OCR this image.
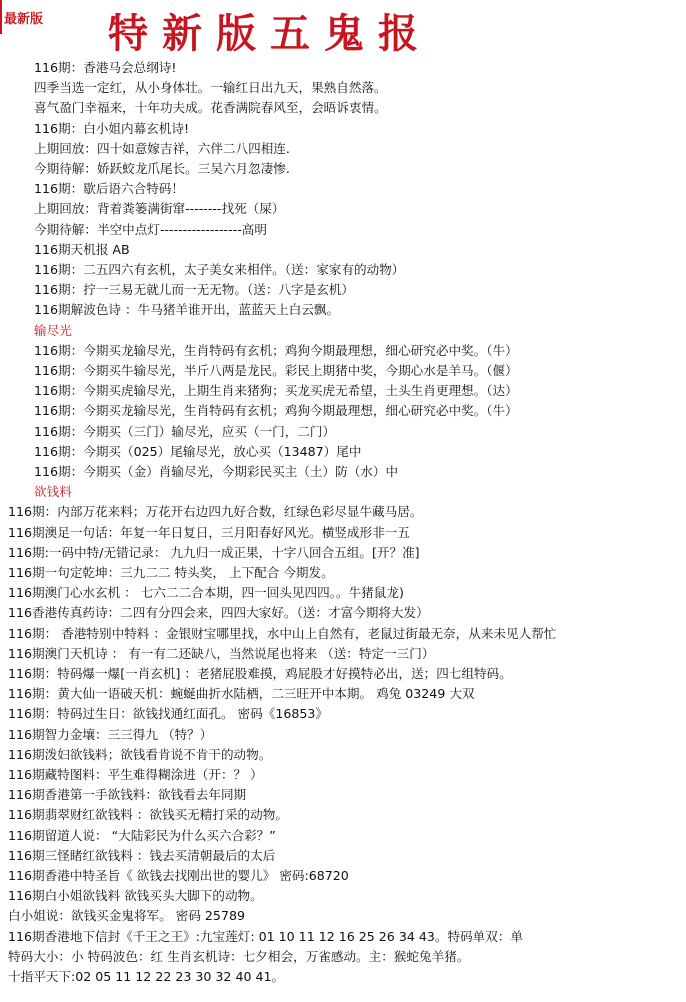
最新版 特新版五鬼报
116期：香港马会总纲诗!
四季当选一定红，从小身体壮。一输红日出九天，果熟自然落。
喜气盈门幸福来，十年功夫成。花香满院春风至，会晤诉衷情。
116期：白小姐内幕玄机诗!
上期回放：四十如意嫁吉祥，六伴二八四相连.
今期待解：娇跃蛟龙爪尾长。三吴六月忽凄惨.
116期：歇后语六合特码！
上期回放：背着粪篓满街窜--------找死（屎）
今期待解：半空中点灯------------------高明
116期天机报 AB
116期：二五四六有玄机，太子美女来相伴。（送：家家有的动物）
116期：拧一三易无就儿而一无无物。（送：八字是玄机）
116期解波色诗 ：牛马猪羊谁开出，蓝蓝天上白云飘。
输尽光
116期：今期买龙输尽光，生肖特码有玄机；鸡狗今期最理想，细心研究必中奖。（牛）
116期：今期买牛输尽光，半斤八两是龙民。彩民上期猪中奖，今期心水是羊马。（偃）
116期：今期买虎输尽光，上期生肖来猪狗；买龙买虎无希望，土头生肖更理想。（达）
116期：今期买龙输尽光，生肖特码有玄机；鸡狗今期最理想，细心研究必中奖。（牛）
116期：今期买（三门）输尽光，应买（一门，二门）
116期：今期买（025）尾输尽光，放心买（13487）尾中
116期：今期买（金）肖输尽光，今期彩民买主（土）防（水）中
欲钱料
116期：内部万花来料；万花开右边四九好合数，红绿色彩尽显牛藏马居。
116期澳足一句话：年复一年日复日，三月阳春好风光。横竖成形非一五
116期:一码中特/无错记录： 九九归一成正果，十字八回合五组。[开？准]
116期一句定乾坤：三九二二 特头奖， 上下配合 今期发。
116期澳门心水玄机 ： 七六二二合本期，四一回头见四四。。牛猪鼠龙)
116香港传真药诗：二四有分四会来，四四大家好。（送：才富今期将大发）
116期： 香港特别中特料 ：金银财宝哪里找，水中山上自然有，老鼠过街最无奈，从来未见人帮忙
116期澳门天机诗 ： 有一有二还缺八，当然说尾也将来 （送：特定一三门）
116期：特码爆一爆[一肖玄机] ：老猪屁股难摸，鸡屁股才好摸特必出，送；四七组特码。
116期：黄大仙一语破天机：蜿蜒曲折水陆栖，二三旺开中本期。 鸡兔 03249 大双
116期：特码过生日：欲钱找通红面孔。 密码《16853》
116期智力金壤：三三得九 （特？）
116期泼妇欲钱料；欲钱看肯说不肯干的动物。
116期藏特图料：平生难得糊涂进（开：？ ）
116期香港第一手欲钱料：欲钱看去年同期
116期翡翠财红欲钱料 ：欲钱买无精打采的动物。
116期留道人说： “大陆彩民为什么买六合彩？”
116期三怪睹红欲钱料 ：钱去买清朝最后的太后
116期香港中特圣旨《 欲钱去找刚出世的婴儿》 密码:68720
116期白小姐欲钱料 欲钱买头大脚下的动物。
白小姐说：欲钱买金鬼将军。 密码 25789
116期香港地下信封《千王之王》:九宝莲灯: 01 10 11 12 16 25 26 34 43。特码单双：单
特码大小：小 特码波色：红 生肖玄机诗：七夕相会，万雀感动。主：猴蛇兔羊猪。
十指平天下:02 05 11 12 22 23 30 32 40 41。
